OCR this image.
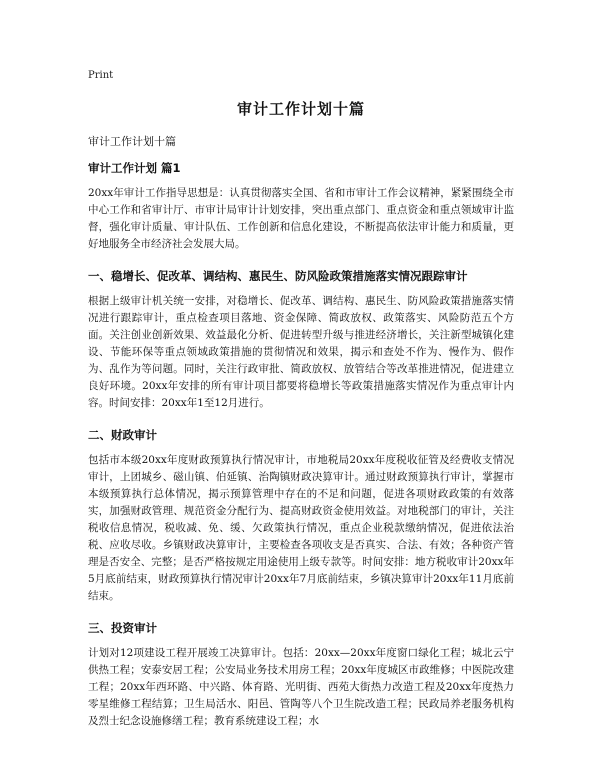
Print
审计工作计划十篇
审计工作计划十篇
审计工作计划 篇1

20xx年审计工作指导思想是：认真贯彻落实全国、省和市审计工作会议精神，紧紧围绕全市中心工作和省审计厅、市审计局审计计划安排，突出重点部门、重点资金和重点领域审计监督，强化审计质量、审计队伍、工作创新和信息化建设，不断提高依法审计能力和质量，更好地服务全市经济社会发展大局。

一、稳增长、促改革、调结构、惠民生、防风险政策措施落实情况跟踪审计

根据上级审计机关统一安排，对稳增长、促改革、调结构、惠民生、防风险政策措施落实情况进行跟踪审计，重点检查项目落地、资金保障、简政放权、政策落实、风险防范五个方面。关注创业创新效果、效益最化分析、促进转型升级与推进经济增长，关注新型城镇化建设、节能环保等重点领域政策措施的贯彻情况和效果，揭示和查处不作为、慢作为、假作为、乱作为等问题。同时，关注行政审批、简政放权、放管结合等改革推进情况，促进建立良好环境。20xx年安排的所有审计项目都要将稳增长等政策措施落实情况作为重点审计内容。时间安排：20xx年1至12月进行。

二、财政审计

包括市本级20xx年度财政预算执行情况审计，市地税局20xx年度税收征管及经费收支情况审计，上团城乡、磁山镇、伯延镇、治陶镇财政决算审计。通过财政预算执行审计，掌握市本级预算执行总体情况，揭示预算管理中存在的不足和问题，促进各项财政政策的有效落实，加强财政管理、规范资金分配行为、提高财政资金使用效益。对地税部门的审计，关注税收信息情况，税收减、免、缓、欠政策执行情况，重点企业税款缴纳情况，促进依法治税、应收尽收。乡镇财政决算审计，主要检查各项收支是否真实、合法、有效；各种资产管理是否安全、完整；是否严格按规定用途使用上级专款等。时间安排：地方税收审计20xx年5月底前结束，财政预算执行情况审计20xx年7月底前结束，乡镇决算审计20xx年11月底前结束。

三、投资审计

计划对12项建设工程开展竣工决算审计。包括：20xx—20xx年度窗口绿化工程；城北云宁供热工程；安泰安居工程；公安局业务技术用房工程；20xx年度城区市政维修；中医院改建工程；20xx年西环路、中兴路、体育路、光明街、西苑大街热力改造工程及20xx年度热力零星维修工程结算；卫生局活水、阳邑、管陶等八个卫生院改造工程；民政局养老服务机构及烈士纪念设施修缮工程；教育系统建设工程；水
